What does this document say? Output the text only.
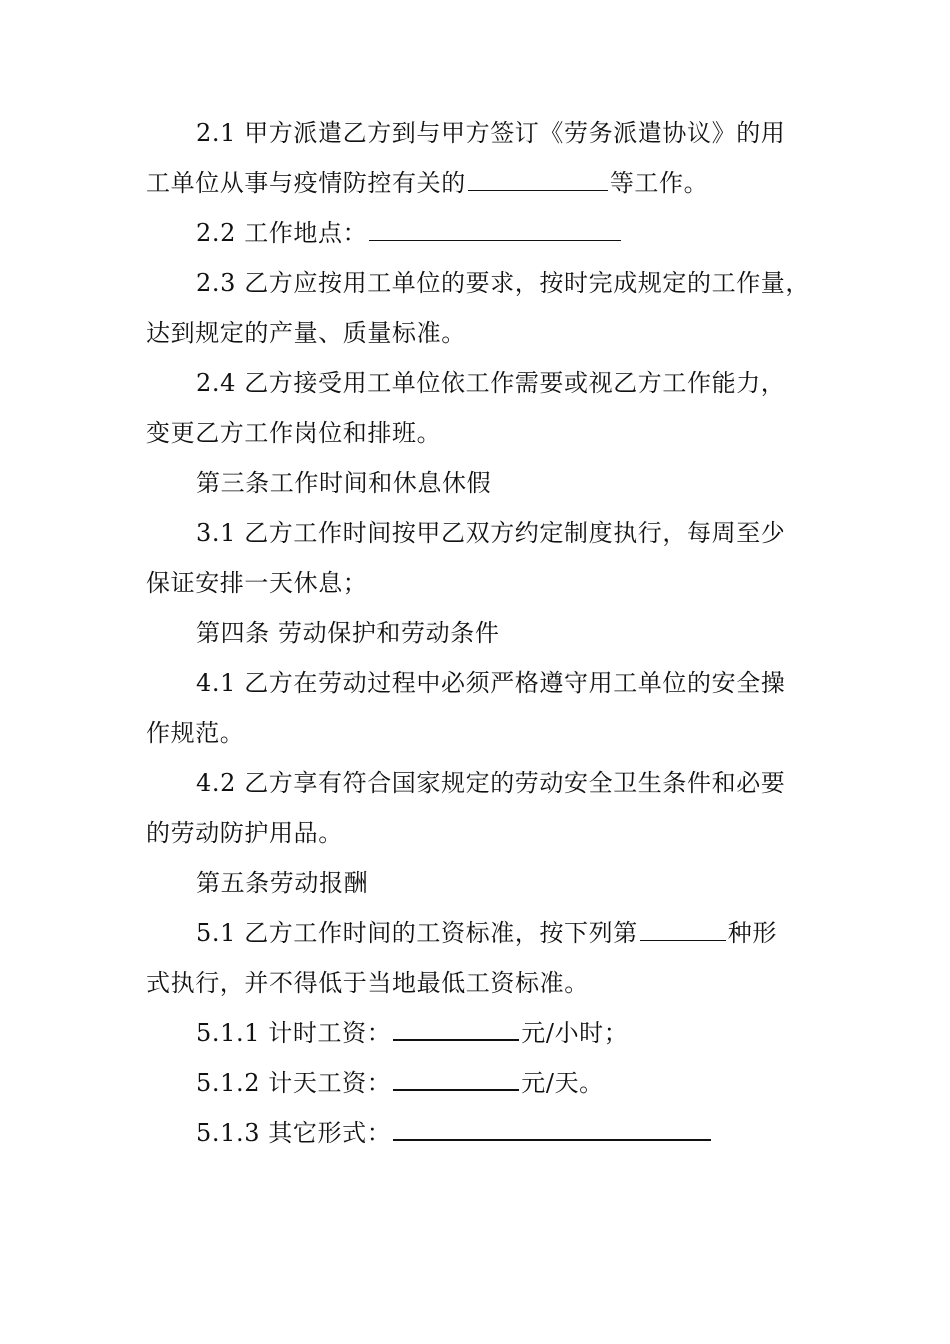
2.1 甲方派遣乙方到与甲方签订《劳务派遣协议》的用
工单位从事与疫情防控有关的	等工作。
2.2 工作地点：
2.3 乙方应按用工单位的要求，按时完成规定的工作量，
达到规定的产量、质量标准。
2.4 乙方接受用工单位依工作需要或视乙方工作能力，
变更乙方工作岗位和排班。
第三条工作时间和休息休假
3.1 乙方工作时间按甲乙双方约定制度执行，每周至少
保证安排一天休息；
第四条 劳动保护和劳动条件
4.1 乙方在劳动过程中必须严格遵守用工单位的安全操
作规范。
4.2 乙方享有符合国家规定的劳动安全卫生条件和必要
的劳动防护用品。
第五条劳动报酬
5.1 乙方工作时间的工资标准，按下列第	种形
式执行，并不得低于当地最低工资标准。
5.1.1 计时工资：	元/小时；
5.1.2 计天工资：	元/天。
5.1.3 其它形式：
